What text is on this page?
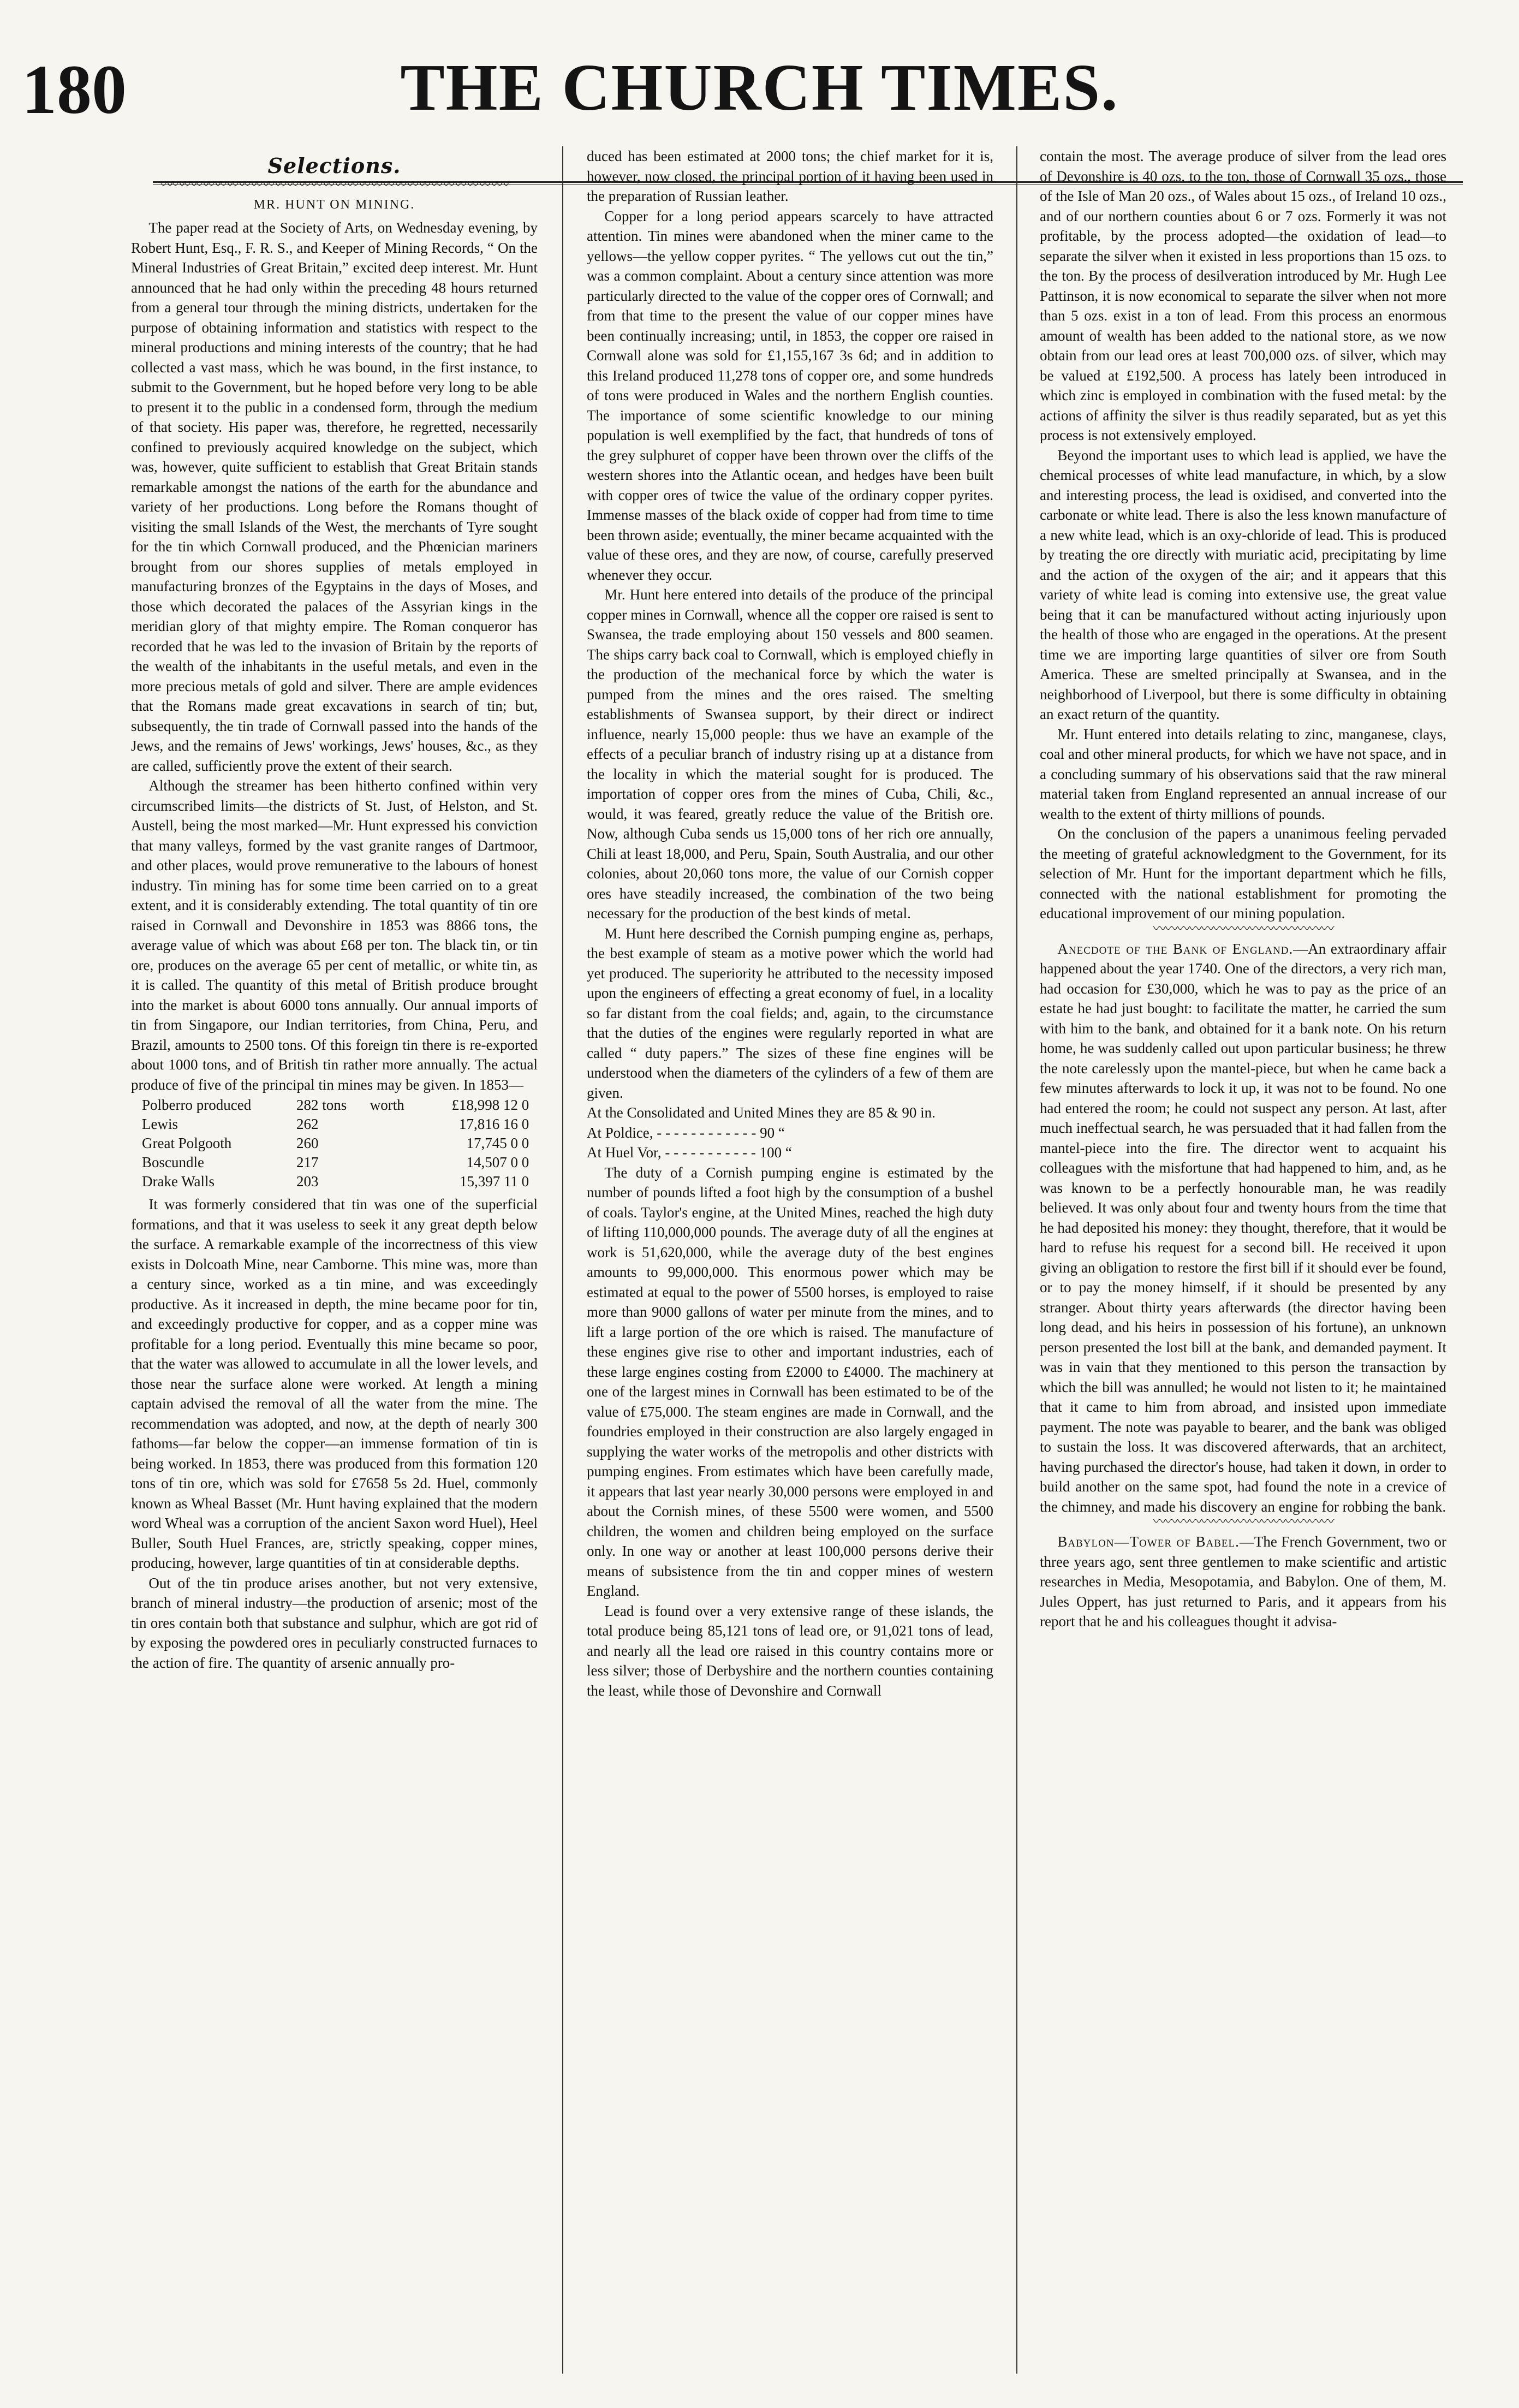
180	THE CHURCH TIMES.
Selections.
〰〰〰〰〰〰〰〰〰〰〰〰〰〰〰〰〰〰〰〰〰〰〰〰〰〰〰〰〰
MR. HUNT ON MINING.

The paper read at the Society of Arts, on Wednesday evening, by Robert Hunt, Esq., F. R. S., and Keeper of Mining Records, “ On the Mineral Industries of Great Britain,” excited deep interest. Mr. Hunt announced that he had only within the preceding 48 hours returned from a general tour through the mining districts, undertaken for the purpose of obtaining information and statistics with respect to the mineral productions and mining interests of the country; that he had collected a vast mass, which he was bound, in the first instance, to submit to the Government, but he hoped before very long to be able to present it to the public in a condensed form, through the medium of that society. His paper was, therefore, he regretted, necessarily confined to previously acquired knowledge on the subject, which was, however, quite sufficient to establish that Great Britain stands remarkable amongst the nations of the earth for the abundance and variety of her productions. Long before the Romans thought of visiting the small Islands of the West, the merchants of Tyre sought for the tin which Cornwall produced, and the Phœnician mariners brought from our shores supplies of metals employed in manufacturing bronzes of the Egyptains in the days of Moses, and those which decorated the palaces of the Assyrian kings in the meridian glory of that mighty empire. The Roman conqueror has recorded that he was led to the invasion of Britain by the reports of the wealth of the inhabitants in the useful metals, and even in the more precious metals of gold and silver. There are ample evidences that the Romans made great excavations in search of tin; but, subsequently, the tin trade of Cornwall passed into the hands of the Jews, and the remains of Jews' workings, Jews' houses, &c., as they are called, sufficiently prove the extent of their search.

Although the streamer has been hitherto confined within very circumscribed limits—the districts of St. Just, of Helston, and St. Austell, being the most marked—Mr. Hunt expressed his conviction that many valleys, formed by the vast granite ranges of Dartmoor, and other places, would prove remunerative to the labours of honest industry. Tin mining has for some time been carried on to a great extent, and it is considerably extending. The total quantity of tin ore raised in Cornwall and Devonshire in 1853 was 8866 tons, the average value of which was about £68 per ton. The black tin, or tin ore, produces on the average 65 per cent of metallic, or white tin, as it is called. The quantity of this metal of British produce brought into the market is about 6000 tons annually. Our annual imports of tin from Singapore, our Indian territories, from China, Peru, and Brazil, amounts to 2500 tons. Of this foreign tin there is re-exported about 1000 tons, and of British tin rather more annually. The actual produce of five of the principal tin mines may be given. In 1853—

Polberro produced	282 tons	worth	£18,998 12 0
Lewis	262		17,816 16 0
Great Polgooth	260		17,745 0 0
Boscundle	217		14,507 0 0
Drake Walls	203		15,397 11 0

It was formerly considered that tin was one of the superficial formations, and that it was useless to seek it any great depth below the surface. A remarkable example of the incorrectness of this view exists in Dolcoath Mine, near Camborne. This mine was, more than a century since, worked as a tin mine, and was exceedingly productive. As it increased in depth, the mine became poor for tin, and exceedingly productive for copper, and as a copper mine was profitable for a long period. Eventually this mine became so poor, that the water was allowed to accumulate in all the lower levels, and those near the surface alone were worked. At length a mining captain advised the removal of all the water from the mine. The recommendation was adopted, and now, at the depth of nearly 300 fathoms—far below the copper—an immense formation of tin is being worked. In 1853, there was produced from this formation 120 tons of tin ore, which was sold for £7658 5s 2d. Huel, commonly known as Wheal Basset (Mr. Hunt having explained that the modern word Wheal was a corruption of the ancient Saxon word Huel), Heel Buller, South Huel Frances, are, strictly speaking, copper mines, producing, however, large quantities of tin at considerable depths.

Out of the tin produce arises another, but not very extensive, branch of mineral industry—the production of arsenic; most of the tin ores contain both that substance and sulphur, which are got rid of by exposing the powdered ores in peculiarly constructed furnaces to the action of fire. The quantity of arsenic annually pro-

duced has been estimated at 2000 tons; the chief market for it is, however, now closed, the principal portion of it having been used in the preparation of Russian leather.

Copper for a long period appears scarcely to have attracted attention. Tin mines were abandoned when the miner came to the yellows—the yellow copper pyrites. “ The yellows cut out the tin,” was a common complaint. About a century since attention was more particularly directed to the value of the copper ores of Cornwall; and from that time to the present the value of our copper mines have been continually increasing; until, in 1853, the copper ore raised in Cornwall alone was sold for £1,155,167 3s 6d; and in addition to this Ireland produced 11,278 tons of copper ore, and some hundreds of tons were produced in Wales and the northern English counties. The importance of some scientific knowledge to our mining population is well exemplified by the fact, that hundreds of tons of the grey sulphuret of copper have been thrown over the cliffs of the western shores into the Atlantic ocean, and hedges have been built with copper ores of twice the value of the ordinary copper pyrites. Immense masses of the black oxide of copper had from time to time been thrown aside; eventually, the miner became acquainted with the value of these ores, and they are now, of course, carefully preserved whenever they occur.

Mr. Hunt here entered into details of the produce of the principal copper mines in Cornwall, whence all the copper ore raised is sent to Swansea, the trade employing about 150 vessels and 800 seamen. The ships carry back coal to Cornwall, which is employed chiefly in the production of the mechanical force by which the water is pumped from the mines and the ores raised. The smelting establishments of Swansea support, by their direct or indirect influence, nearly 15,000 people: thus we have an example of the effects of a peculiar branch of industry rising up at a distance from the locality in which the material sought for is produced. The importation of copper ores from the mines of Cuba, Chili, &c., would, it was feared, greatly reduce the value of the British ore. Now, although Cuba sends us 15,000 tons of her rich ore annually, Chili at least 18,000, and Peru, Spain, South Australia, and our other colonies, about 20,060 tons more, the value of our Cornish copper ores have steadily increased, the combination of the two being necessary for the production of the best kinds of metal.

M. Hunt here described the Cornish pumping engine as, perhaps, the best example of steam as a motive power which the world had yet produced. The superiority he attributed to the necessity imposed upon the engineers of effecting a great economy of fuel, in a locality so far distant from the coal fields; and, again, to the circumstance that the duties of the engines were regularly reported in what are called “ duty papers.” The sizes of these fine engines will be understood when the diameters of the cylinders of a few of them are given.

At the Consolidated and United Mines they are 85 & 90 in.

At Poldice, - - - - - - - - - - - - 90 “

At Huel Vor, - - - - - - - - - - - 100 “

The duty of a Cornish pumping engine is estimated by the number of pounds lifted a foot high by the consumption of a bushel of coals. Taylor's engine, at the United Mines, reached the high duty of lifting 110,000,000 pounds. The average duty of all the engines at work is 51,620,000, while the average duty of the best engines amounts to 99,000,000. This enormous power which may be estimated at equal to the power of 5500 horses, is employed to raise more than 9000 gallons of water per minute from the mines, and to lift a large portion of the ore which is raised. The manufacture of these engines give rise to other and important industries, each of these large engines costing from £2000 to £4000. The machinery at one of the largest mines in Cornwall has been estimated to be of the value of £75,000. The steam engines are made in Cornwall, and the foundries employed in their construction are also largely engaged in supplying the water works of the metropolis and other districts with pumping engines. From estimates which have been carefully made, it appears that last year nearly 30,000 persons were employed in and about the Cornish mines, of these 5500 were women, and 5500 children, the women and children being employed on the surface only. In one way or another at least 100,000 persons derive their means of subsistence from the tin and copper mines of western England.

Lead is found over a very extensive range of these islands, the total produce being 85,121 tons of lead ore, or 91,021 tons of lead, and nearly all the lead ore raised in this country contains more or less silver; those of Derbyshire and the northern counties containing the least, while those of Devonshire and Cornwall

contain the most. The average produce of silver from the lead ores of Devonshire is 40 ozs. to the ton, those of Cornwall 35 ozs., those of the Isle of Man 20 ozs., of Wales about 15 ozs., of Ireland 10 ozs., and of our northern counties about 6 or 7 ozs. Formerly it was not profitable, by the process adopted—the oxidation of lead—to separate the silver when it existed in less proportions than 15 ozs. to the ton. By the process of desilveration introduced by Mr. Hugh Lee Pattinson, it is now economical to separate the silver when not more than 5 ozs. exist in a ton of lead. From this process an enormous amount of wealth has been added to the national store, as we now obtain from our lead ores at least 700,000 ozs. of silver, which may be valued at £192,500. A process has lately been introduced in which zinc is employed in combination with the fused metal: by the actions of affinity the silver is thus readily separated, but as yet this process is not extensively employed.

Beyond the important uses to which lead is applied, we have the chemical processes of white lead manufacture, in which, by a slow and interesting process, the lead is oxidised, and converted into the carbonate or white lead. There is also the less known manufacture of a new white lead, which is an oxy-chloride of lead. This is produced by treating the ore directly with muriatic acid, precipitating by lime and the action of the oxygen of the air; and it appears that this variety of white lead is coming into extensive use, the great value being that it can be manufactured without acting injuriously upon the health of those who are engaged in the operations. At the present time we are importing large quantities of silver ore from South America. These are smelted principally at Swansea, and in the neighborhood of Liverpool, but there is some difficulty in obtaining an exact return of the quantity.

Mr. Hunt entered into details relating to zinc, manganese, clays, coal and other mineral products, for which we have not space, and in a concluding summary of his observations said that the raw mineral material taken from England represented an annual increase of our wealth to the extent of thirty millions of pounds.

On the conclusion of the papers a unanimous feeling pervaded the meeting of grateful acknowledgment to the Government, for its selection of Mr. Hunt for the important department which he fills, connected with the national establishment for promoting the educational improvement of our mining population.

〰〰〰〰〰〰〰〰〰〰〰〰〰〰〰

Anecdote of the Bank of England.—An extraordinary affair happened about the year 1740. One of the directors, a very rich man, had occasion for £30,000, which he was to pay as the price of an estate he had just bought: to facilitate the matter, he carried the sum with him to the bank, and obtained for it a bank note. On his return home, he was suddenly called out upon particular business; he threw the note carelessly upon the mantel-piece, but when he came back a few minutes afterwards to lock it up, it was not to be found. No one had entered the room; he could not suspect any person. At last, after much ineffectual search, he was persuaded that it had fallen from the mantel-piece into the fire. The director went to acquaint his colleagues with the misfortune that had happened to him, and, as he was known to be a perfectly honourable man, he was readily believed. It was only about four and twenty hours from the time that he had deposited his money: they thought, therefore, that it would be hard to refuse his request for a second bill. He received it upon giving an obligation to restore the first bill if it should ever be found, or to pay the money himself, if it should be presented by any stranger. About thirty years afterwards (the director having been long dead, and his heirs in possession of his fortune), an unknown person presented the lost bill at the bank, and demanded payment. It was in vain that they mentioned to this person the transaction by which the bill was annulled; he would not listen to it; he maintained that it came to him from abroad, and insisted upon immediate payment. The note was payable to bearer, and the bank was obliged to sustain the loss. It was discovered afterwards, that an architect, having purchased the director's house, had taken it down, in order to build another on the same spot, had found the note in a crevice of the chimney, and made his discovery an engine for robbing the bank.

〰〰〰〰〰〰〰〰〰〰〰〰〰〰〰

Babylon—Tower of Babel.—The French Government, two or three years ago, sent three gentlemen to make scientific and artistic researches in Media, Mesopotamia, and Babylon. One of them, M. Jules Oppert, has just returned to Paris, and it appears from his report that he and his colleagues thought it advisa-
